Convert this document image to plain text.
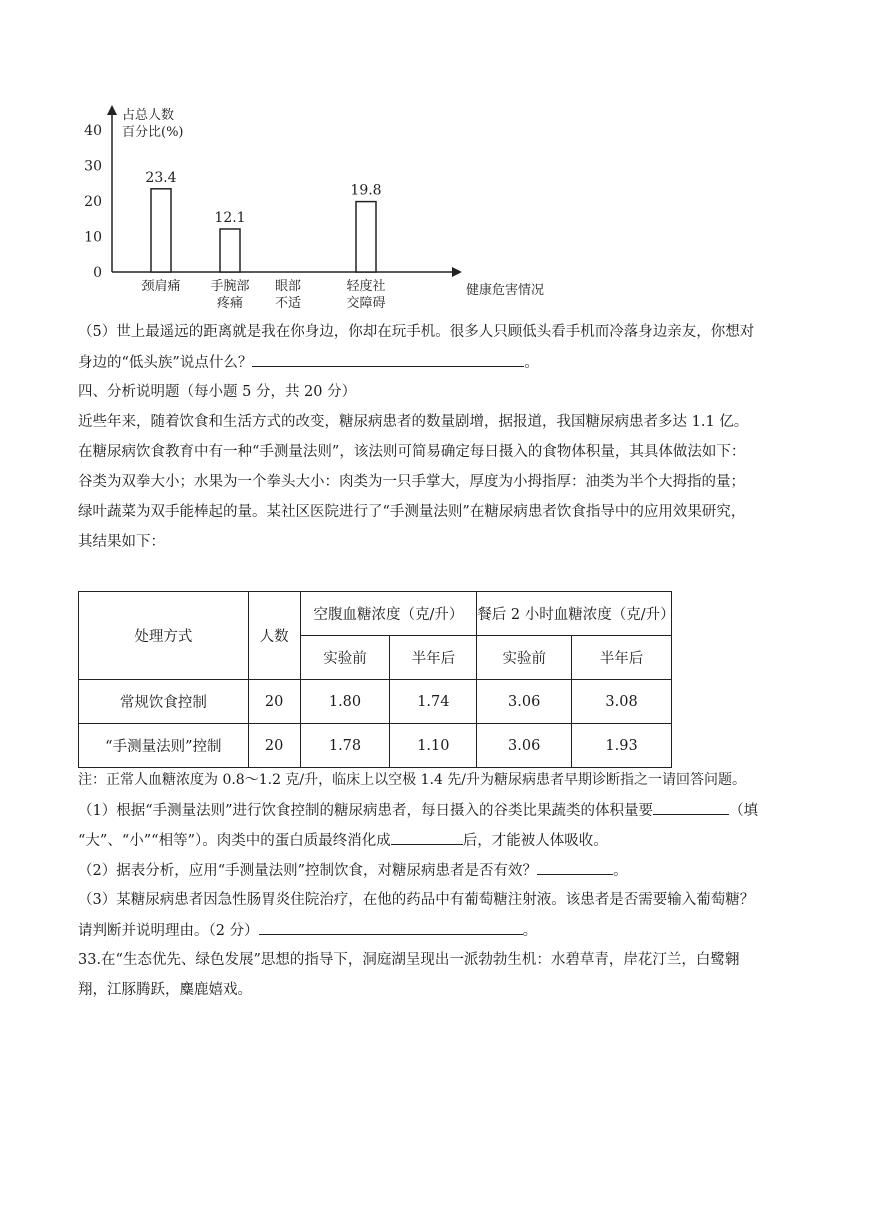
占总人数
百分比(%)
40
30
20
10
0
23.4
颈肩痛
12.1
手腕部
疼痛
眼部
不适
19.8
轻度社
交障碍
健康危害情况
（5）世上最遥远的距离就是我在你身边，你却在玩手机。很多人只顾低头看手机而冷落身边亲友，你想对
身边的“低头族”说点什么？	。
四、分析说明题（每小题 5 分，共 20 分）
近些年来，随着饮食和生活方式的改变，糖尿病患者的数量剧增，据报道，我国糖尿病患者多达 1.1 亿。
在糖尿病饮食教育中有一种“手测量法则”，该法则可简易确定每日摄入的食物体积量，其具体做法如下：
谷类为双拳大小；水果为一个拳头大小：肉类为一只手掌大，厚度为小拇指厚：油类为半个大拇指的量；
绿叶蔬菜为双手能棒起的量。某社区医院进行了“手测量法则”在糖尿病患者饮食指导中的应用效果研究，
其结果如下：
处理方式	人数	空腹血糖浓度（克/升）		餐后 2 小时血糖浓度（克/升）	
		实验前	半年后	实验前	半年后
常规饮食控制	20	1.80	1.74	3.06	3.08
“手测量法则”控制	20	1.78	1.10	3.06	1.93
注：正常人血糖浓度为 0.8～1.2 克/升，临床上以空极 1.4 先/升为糖尿病患者早期诊断指之一请回答问题。
（1）根据“手测量法则”进行饮食控制的糖尿病患者，每日摄入的谷类比果蔬类的体积量要	（填
“大”、“小”“相等”）。肉类中的蛋白质最终消化成	后，才能被人体吸收。
（2）据表分析，应用“手测量法则”控制饮食，对糖尿病患者是否有效？	。
（3）某糖尿病患者因急性肠胃炎住院治疗，在他的药品中有葡萄糖注射液。该患者是否需要输入葡萄糖？
请判断并说明理由。（2 分）	。
33.在“生态优先、绿色发展”思想的指导下，洞庭湖呈现出一派勃勃生机：水碧草青，岸花汀兰，白鹭翱
翔，江豚腾跃，麋鹿嬉戏。
